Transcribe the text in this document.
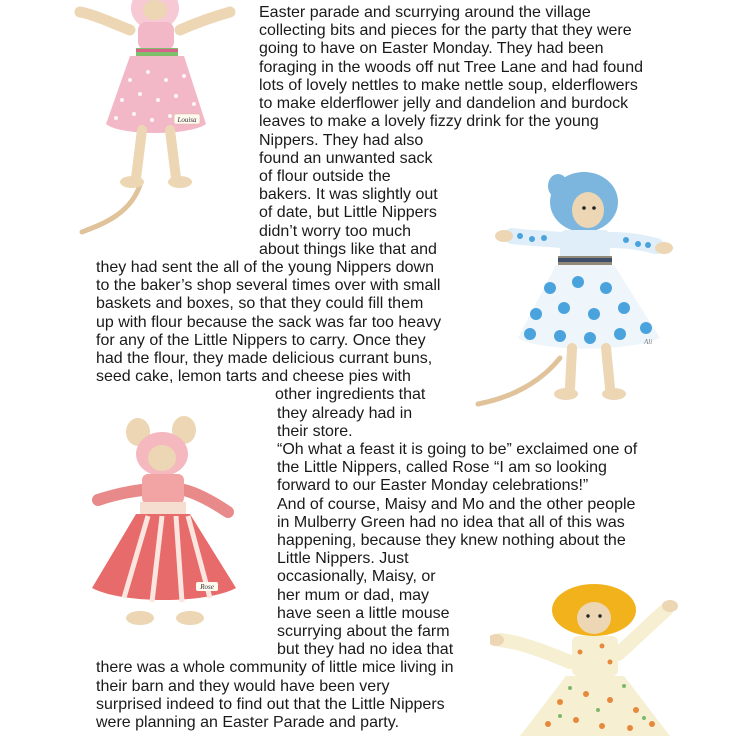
Louisa
Ali
Rose
Easter parade and scurrying around the village
collecting bits and pieces for the party that they were
going to have on Easter Monday. They had been
foraging in the woods off nut Tree Lane and had found
lots of lovely nettles to make nettle soup, elderflowers
to make elderflower jelly and dandelion and burdock
leaves to make a lovely fizzy drink for the young
Nippers. They had also
found an unwanted sack
of flour outside the
bakers. It was slightly out
of date, but Little Nippers
didn’t worry too much
about things like that and
they had sent the all of the young Nippers down
to the baker’s shop several times over with small
baskets and boxes, so that they could fill them
up with flour because the sack was far too heavy
for any of the Little Nippers to carry. Once they
had the flour, they made delicious currant buns,
seed cake, lemon tarts and cheese pies with
other ingredients that
they already had in
their store.
“Oh what a feast it is going to be” exclaimed one of
the Little Nippers, called Rose “I am so looking
forward to our Easter Monday celebrations!”
And of course, Maisy and Mo and the other people
in Mulberry Green had no idea that all of this was
happening, because they knew nothing about the
Little Nippers. Just
occasionally, Maisy, or
her mum or dad, may
have seen a little mouse
scurrying about the farm
but they had no idea that
there was a whole community of little mice living in
their barn and they would have been very
surprised indeed to find out that the Little Nippers
were planning an Easter Parade and party.
